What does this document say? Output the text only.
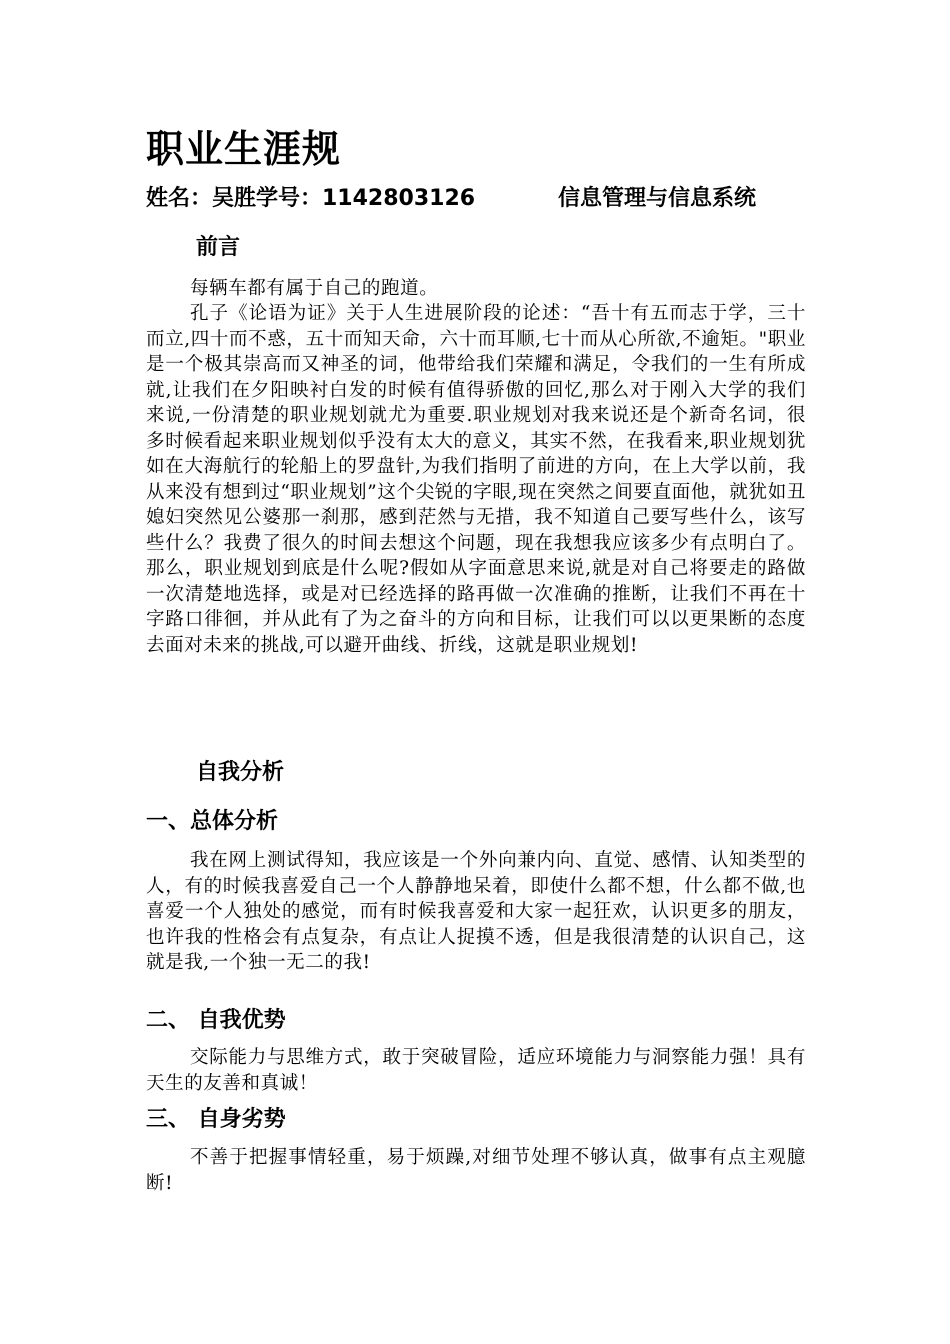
职业生涯规
姓名：吴胜学号：1142803126	信息管理与信息系统
前言

每辆车都有属于自己的跑道。

孔子《论语为证》关于人生进展阶段的论述：“吾十有五而志于学，三十而立,四十而不惑，五十而知天命，六十而耳顺,七十而从心所欲,不逾矩。"职业是一个极其崇高而又神圣的词，他带给我们荣耀和满足，令我们的一生有所成就,让我们在夕阳映衬白发的时候有值得骄傲的回忆,那么对于刚入大学的我们来说,一份清楚的职业规划就尤为重要.职业规划对我来说还是个新奇名词，很多时候看起来职业规划似乎没有太大的意义，其实不然，在我看来,职业规划犹如在大海航行的轮船上的罗盘针,为我们指明了前进的方向，在上大学以前，我从来没有想到过“职业规划”这个尖锐的字眼,现在突然之间要直面他，就犹如丑媳妇突然见公婆那一刹那，感到茫然与无措，我不知道自己要写些什么，该写些什么？我费了很久的时间去想这个问题，现在我想我应该多少有点明白了。那么，职业规划到底是什么呢?假如从字面意思来说,就是对自己将要走的路做一次清楚地选择，或是对已经选择的路再做一次准确的推断，让我们不再在十字路口徘徊，并从此有了为之奋斗的方向和目标，让我们可以以更果断的态度去面对未来的挑战,可以避开曲线、折线，这就是职业规划!

自我分析
一、总体分析

我在网上测试得知，我应该是一个外向兼内向、直觉、感情、认知类型的人，有的时候我喜爱自己一个人静静地呆着，即使什么都不想，什么都不做,也喜爱一个人独处的感觉，而有时候我喜爱和大家一起狂欢，认识更多的朋友，也许我的性格会有点复杂，有点让人捉摸不透，但是我很清楚的认识自己，这就是我,一个独一无二的我!

二、 自我优势

交际能力与思维方式，敢于突破冒险，适应环境能力与洞察能力强！具有天生的友善和真诚！

三、 自身劣势

不善于把握事情轻重，易于烦躁,对细节处理不够认真，做事有点主观臆断!
